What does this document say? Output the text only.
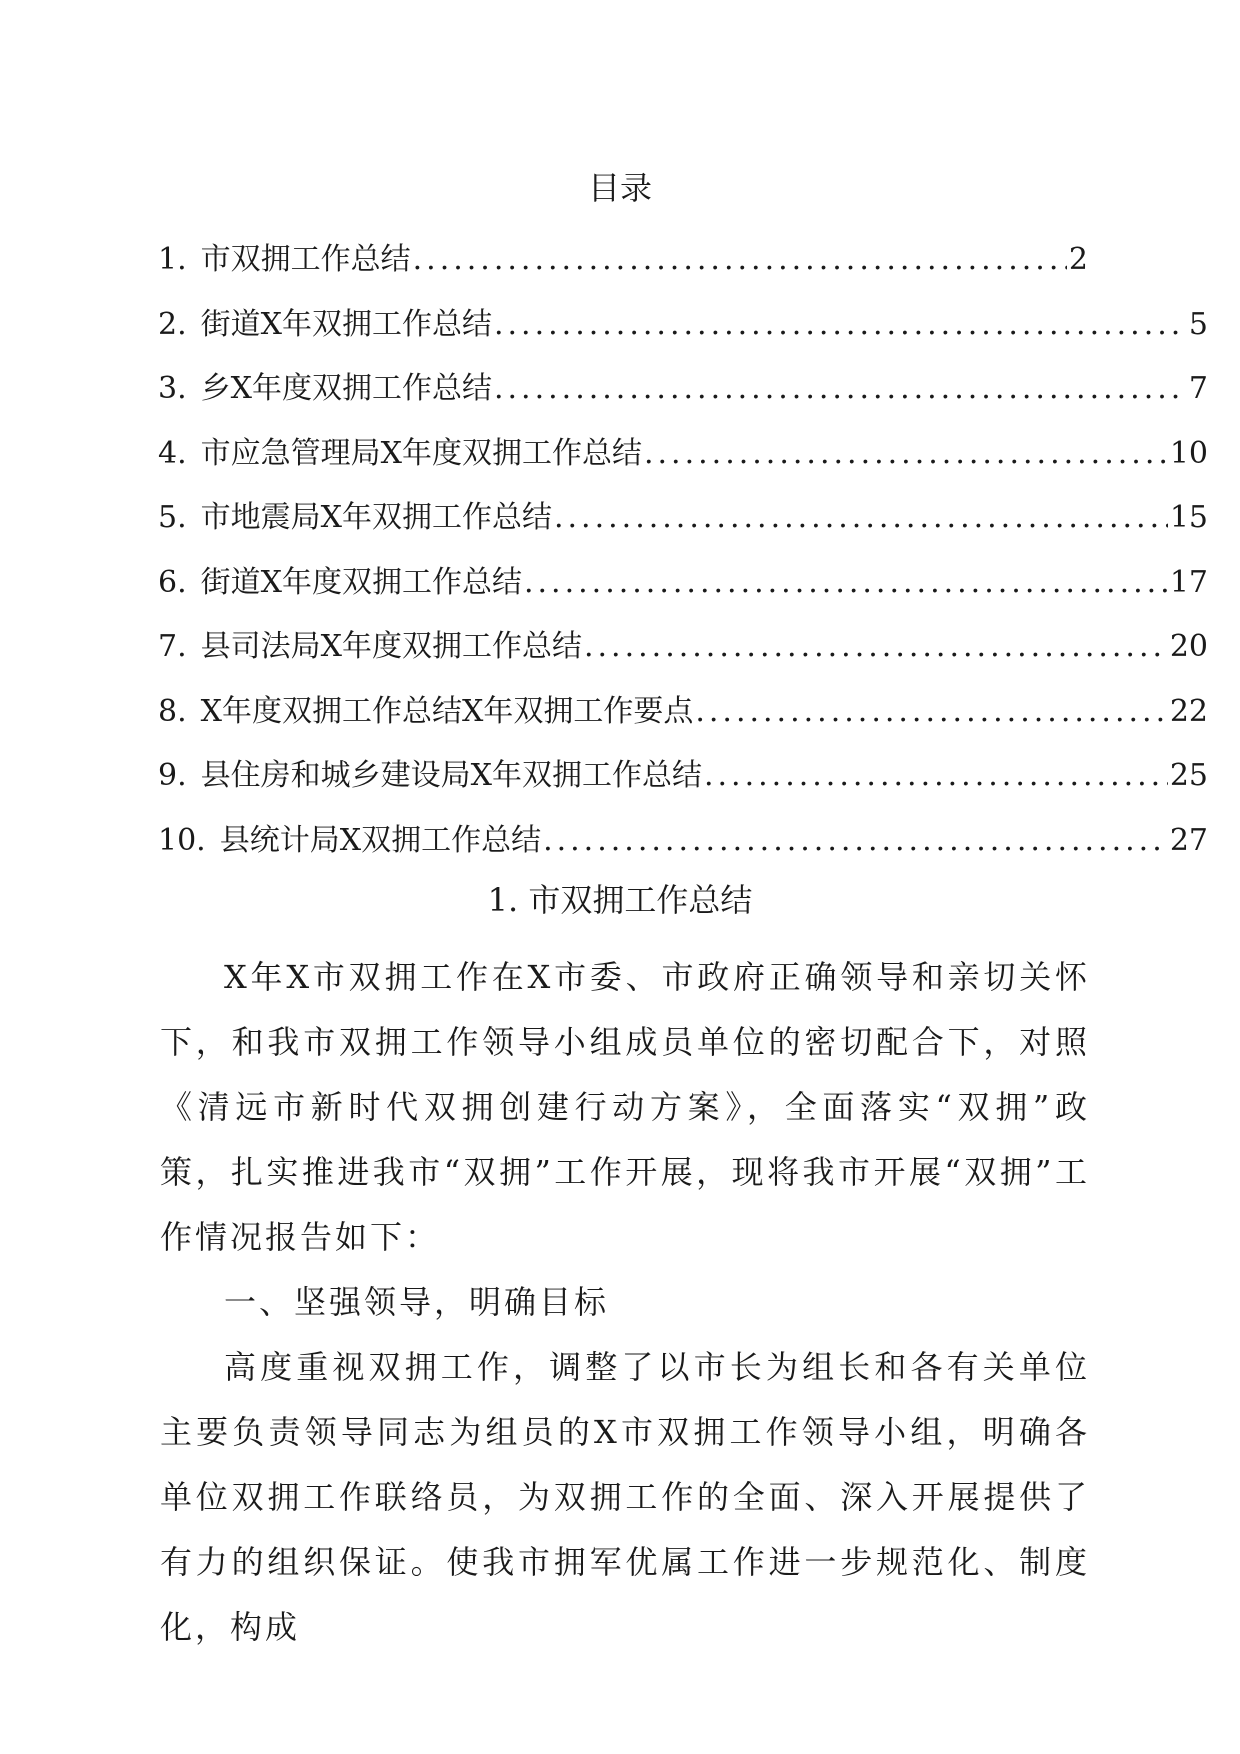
目录
1. 市双拥工作总结 .....	2
2. 街道X年双拥工作总结 .....	5
3. 乡X年度双拥工作总结 .....	7
4. 市应急管理局X年度双拥工作总结 .....	10
5. 市地震局X年双拥工作总结 .....	15
6. 街道X年度双拥工作总结 .....	17
7. 县司法局X年度双拥工作总结 .....	20
8. X年度双拥工作总结X年双拥工作要点 .....	22
9. 县住房和城乡建设局X年双拥工作总结 .....	25
10. 县统计局X双拥工作总结 .....	27
1. 市双拥工作总结

X年X市双拥工作在X市委、市政府正确领导和亲切关怀下，和我市双拥工作领导小组成员单位的密切配合下，对照《清远市新时代双拥创建行动方案》，全面落实“双拥”政策，扎实推进我市“双拥”工作开展，现将我市开展“双拥”工作情况报告如下：

一、坚强领导，明确目标

高度重视双拥工作，调整了以市长为组长和各有关单位主要负责领导同志为组员的X市双拥工作领导小组，明确各单位双拥工作联络员，为双拥工作的全面、深入开展提供了有力的组织保证。使我市拥军优属工作进一步规范化、制度化，构成
